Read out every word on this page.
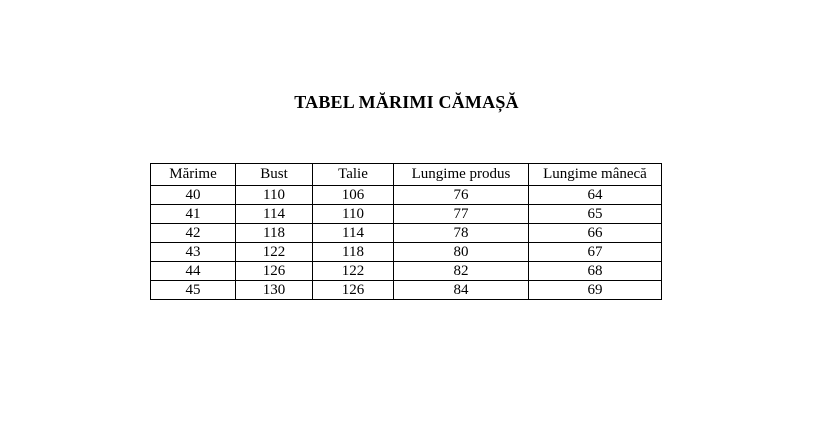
TABEL MĂRIMI CĂMAȘĂ
Mărime	Bust	Talie	Lungime produs	Lungime mânecă
40	110	106	76	64
41	114	110	77	65
42	118	114	78	66
43	122	118	80	67
44	126	122	82	68
45	130	126	84	69
